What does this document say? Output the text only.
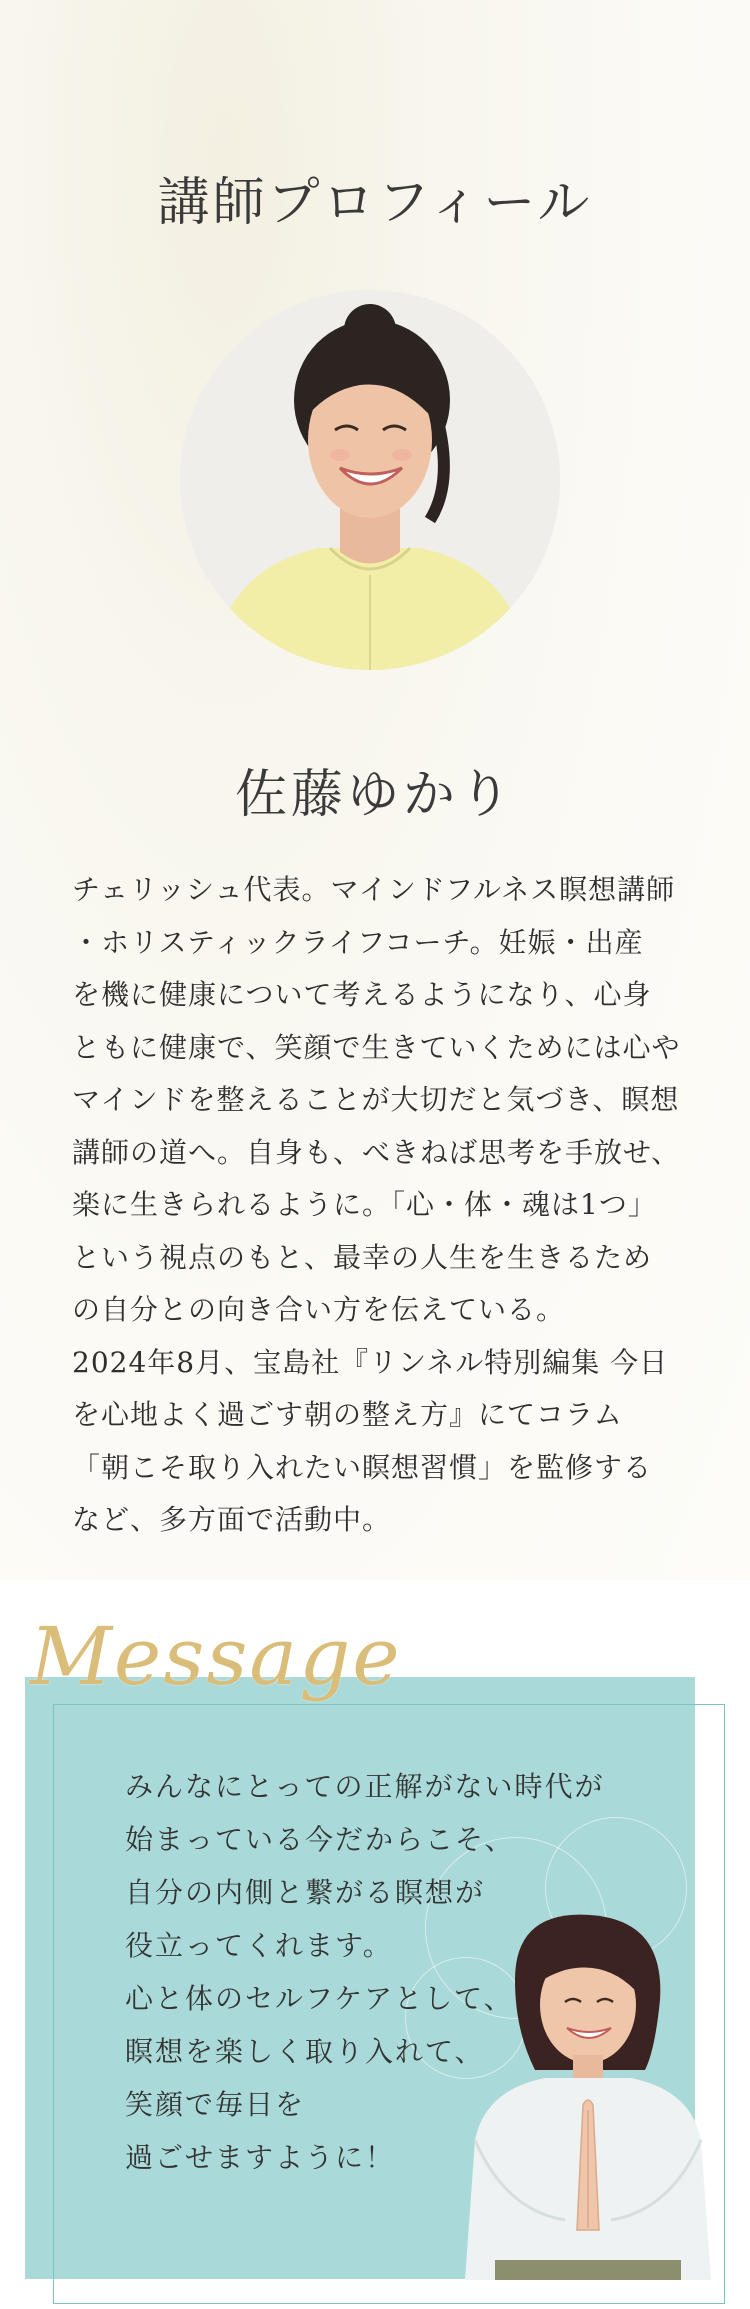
講師プロフィール
佐藤ゆかり

チェリッシュ代表。マインドフルネス瞑想講師

・ホリスティックライフコーチ。妊娠・出産

を機に健康について考えるようになり、心身

ともに健康で、笑顔で生きていくためには心や

マインドを整えることが大切だと気づき、瞑想

講師の道へ。自身も、べきねば思考を手放せ、

楽に生きられるように。「心・体・魂は1つ」

という視点のもと、最幸の人生を生きるため

の自分との向き合い方を伝えている。

2024年8月、宝島社『リンネル特別編集 今日

を心地よく過ごす朝の整え方』にてコラム

「朝こそ取り入れたい瞑想習慣」を監修する

など、多方面で活動中。

Message

みんなにとっての正解がない時代が

始まっている今だからこそ、

自分の内側と繋がる瞑想が

役立ってくれます。

心と体のセルフケアとして、

瞑想を楽しく取り入れて、

笑顔で毎日を

過ごせますように！
